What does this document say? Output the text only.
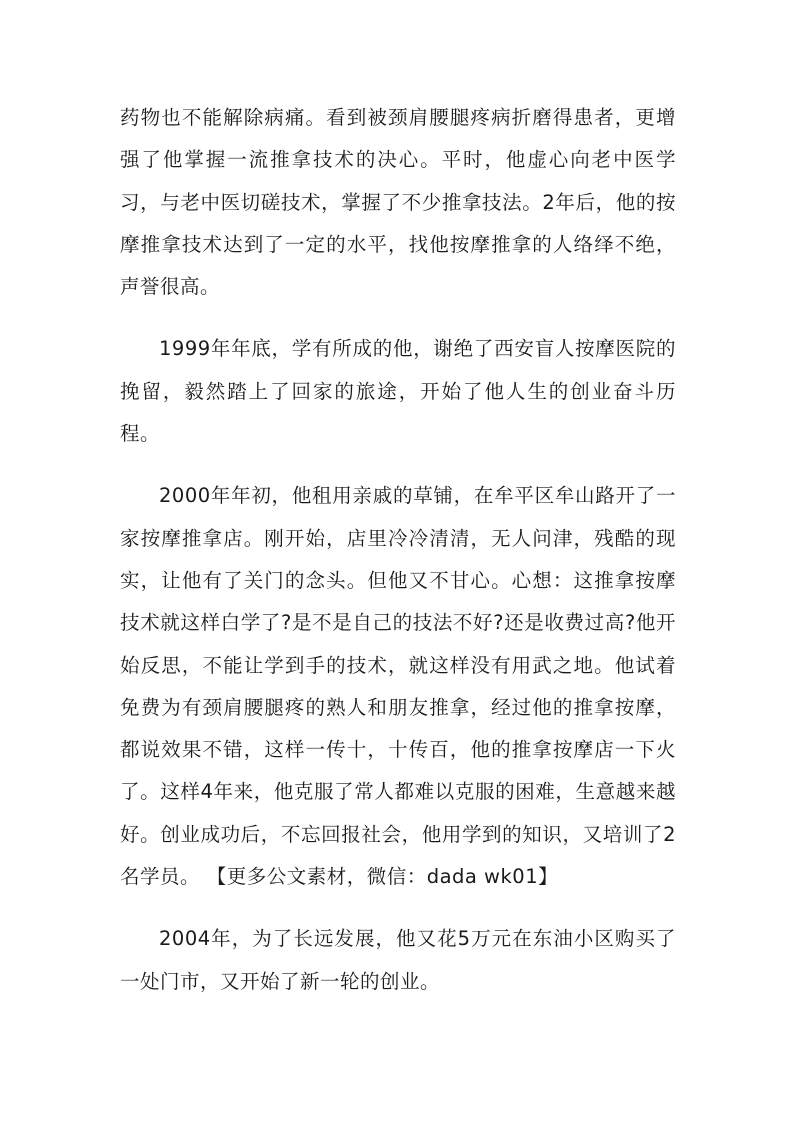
药物也不能解除病痛。看到被颈肩腰腿疼病折磨得患者，更增强了他掌握一流推拿技术的决心。平时，他虚心向老中医学习，与老中医切磋技术，掌握了不少推拿技法。2年后，他的按摩推拿技术达到了一定的水平，找他按摩推拿的人络绎不绝，声誉很高。

1999年年底，学有所成的他，谢绝了西安盲人按摩医院的挽留，毅然踏上了回家的旅途，开始了他人生的创业奋斗历程。

2000年年初，他租用亲戚的草铺，在牟平区牟山路开了一家按摩推拿店。刚开始，店里冷冷清清，无人问津，残酷的现实，让他有了关门的念头。但他又不甘心。心想：这推拿按摩技术就这样白学了?是不是自己的技法不好?还是收费过高?他开始反思，不能让学到手的技术，就这样没有用武之地。他试着免费为有颈肩腰腿疼的熟人和朋友推拿，经过他的推拿按摩，都说效果不错，这样一传十，十传百，他的推拿按摩店一下火了。这样4年来，他克服了常人都难以克服的困难，生意越来越好。创业成功后，不忘回报社会，他用学到的知识，又培训了2名学员。 【更多公文素材，微信：dada wk01】

2004年，为了长远发展，他又花5万元在东油小区购买了一处门市，又开始了新一轮的创业。
